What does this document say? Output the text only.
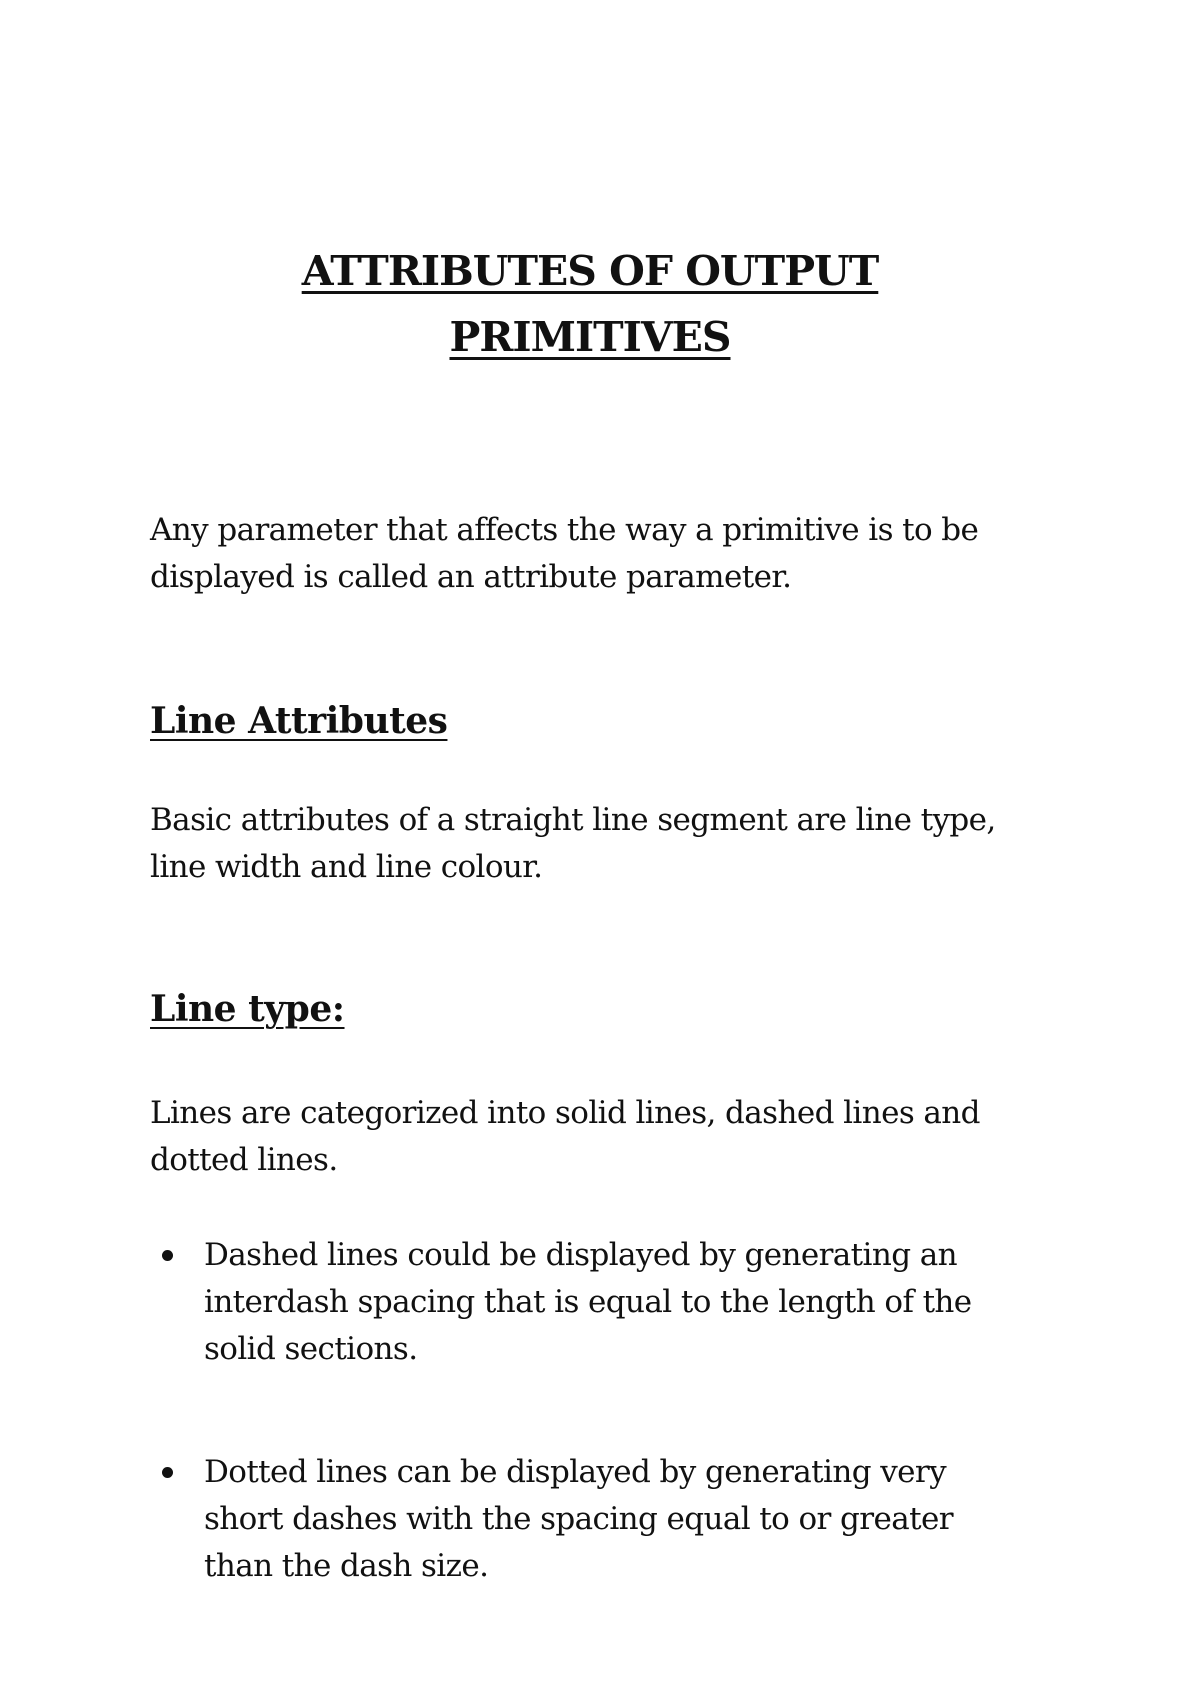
ATTRIBUTES OF OUTPUT
PRIMITIVES

Any parameter that affects the way a primitive is to be displayed is called an attribute parameter.

Line Attributes

Basic attributes of a straight line segment are line type, line width and line colour.

Line type:

Lines are categorized into solid lines, dashed lines and dotted lines.

Dashed lines could be displayed by generating an interdash spacing that is equal to the length of the solid sections.
Dotted lines can be displayed by generating very short dashes with the spacing equal to or greater than the dash size.
